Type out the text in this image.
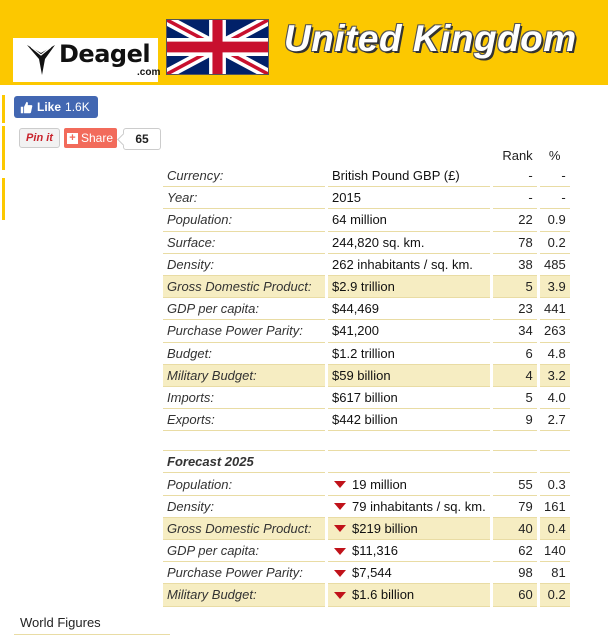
Deagel
.com
United Kingdom
Like 1.6K
Pin it	+ Share	65
		Rank	%
Currency:	British Pound GBP (£)	-	-
Year:	2015	-	-
Population:	64 million	22	0.9
Surface:	244,820 sq. km.	78	0.2
Density:	262 inhabitants / sq. km.	38	485
Gross Domestic Product:	$2.9 trillion	5	3.9
GDP per capita:	$44,469	23	441
Purchase Power Parity:	$41,200	34	263
Budget:	$1.2 trillion	6	4.8
Military Budget:	$59 billion	4	3.2
Imports:	$617 billion	5	4.0
Exports:	$442 billion	9	2.7

Forecast 2025			
Population:	19 million	55	0.3
Density:	79 inhabitants / sq. km.	79	161
Gross Domestic Product:	$219 billion	40	0.4
GDP per capita:	$11,316	62	140
Purchase Power Parity:	$7,544	98	81
Military Budget:	$1.6 billion	60	0.2
World Figures
